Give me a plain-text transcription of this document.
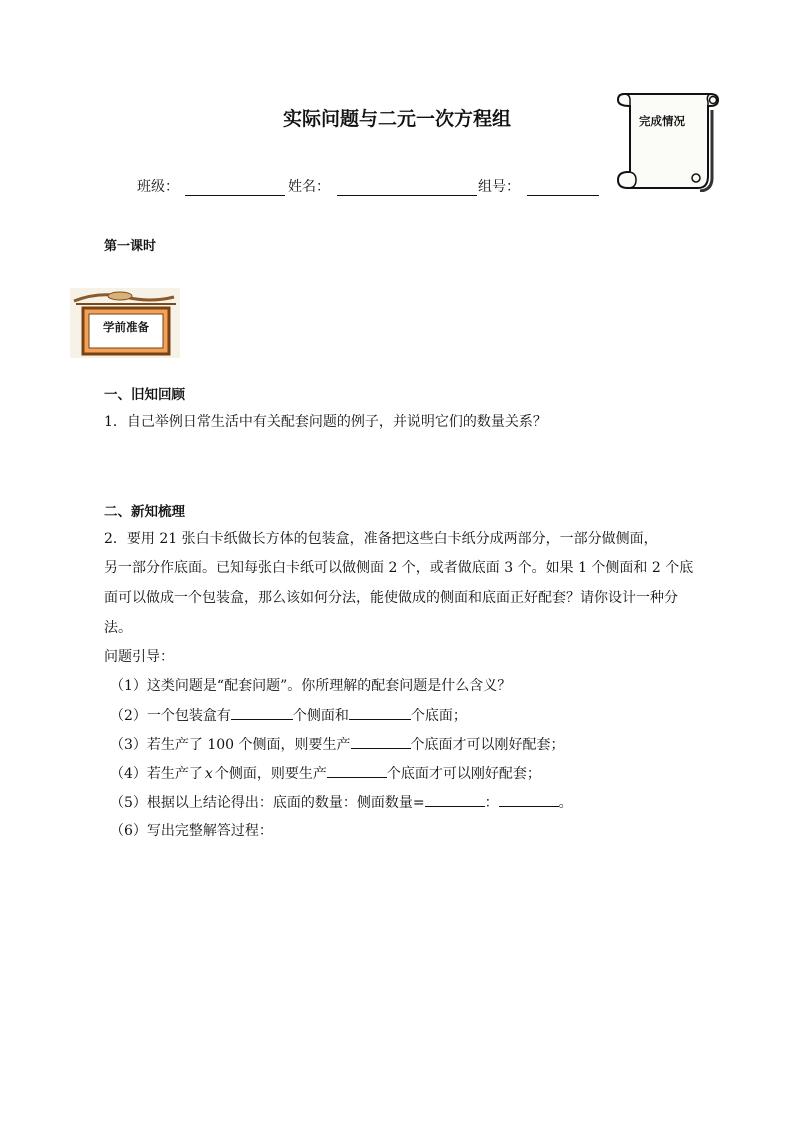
实际问题与二元一次方程组	完成情况
班级：	姓名：	组号：
第一课时
学前准备
一、旧知回顾
1．自己举例日常生活中有关配套问题的例子，并说明它们的数量关系？
二、新知梳理
2．要用 21 张白卡纸做长方体的包装盒，准备把这些白卡纸分成两部分，一部分做侧面，
另一部分作底面。已知每张白卡纸可以做侧面 2 个，或者做底面 3 个。如果 1 个侧面和 2 个底
面可以做成一个包装盒，那么该如何分法，能使做成的侧面和底面正好配套？请你设计一种分
法。
问题引导：
（1）这类问题是“配套问题”。你所理解的配套问题是什么含义？
（2）一个包装盒有	个侧面和	个底面；
（3）若生产了 100 个侧面，则要生产	个底面才可以刚好配套；
（4）若生产了 x 个侧面，则要生产	个底面才可以刚好配套；
（5）根据以上结论得出：底面的数量：侧面数量=	：	。
（6）写出完整解答过程：
